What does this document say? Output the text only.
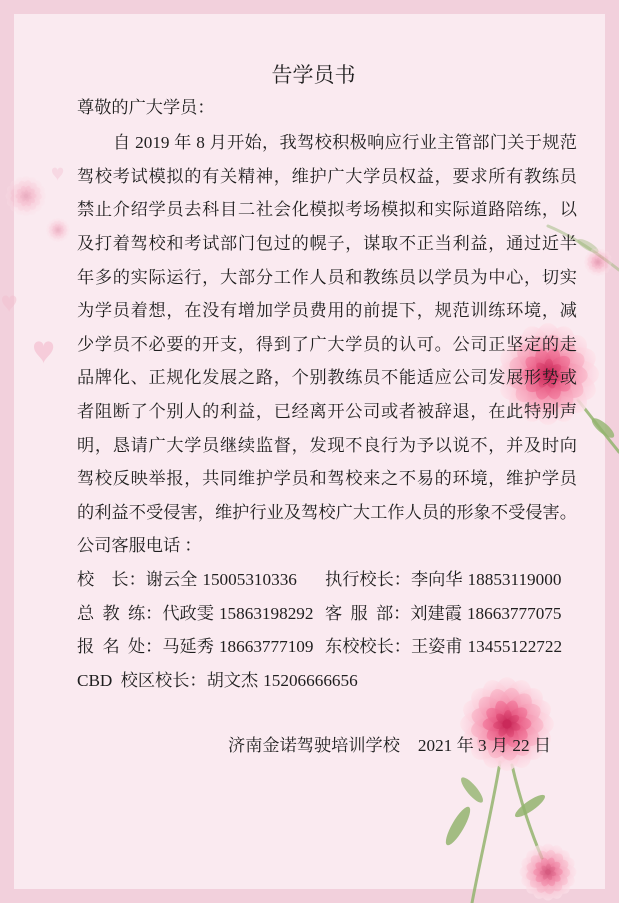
告学员书
尊敬的广大学员：
自 2019 年 8 月开始，我驾校积极响应行业主管部门关于规范
驾校考试模拟的有关精神，维护广大学员权益，要求所有教练员
禁止介绍学员去科目二社会化模拟考场模拟和实际道路陪练，以
及打着驾校和考试部门包过的幌子，谋取不正当利益，通过近半
年多的实际运行，大部分工作人员和教练员以学员为中心，切实
为学员着想，在没有增加学员费用的前提下，规范训练环境，减
少学员不必要的开支，得到了广大学员的认可。公司正坚定的走
品牌化、正规化发展之路，个别教练员不能适应公司发展形势或
者阻断了个别人的利益，已经离开公司或者被辞退，在此特别声
明，恳请广大学员继续监督，发现不良行为予以说不，并及时向
驾校反映举报，共同维护学员和驾校来之不易的环境，维护学员
的利益不受侵害，维护行业及驾校广大工作人员的形象不受侵害。
公司客服电话 ：
校　长：谢云全 15005310336 执行校长：李向华 18853119000
总 教 练：代政雯 15863198292 客 服 部：刘建霞 18663777075
报 名 处：马延秀 18663777109 东校校长：王姿甫 13455122722
CBD 校区校长：胡文杰 15206666656
济南金诺驾驶培训学校 2021 年 3 月 22 日
